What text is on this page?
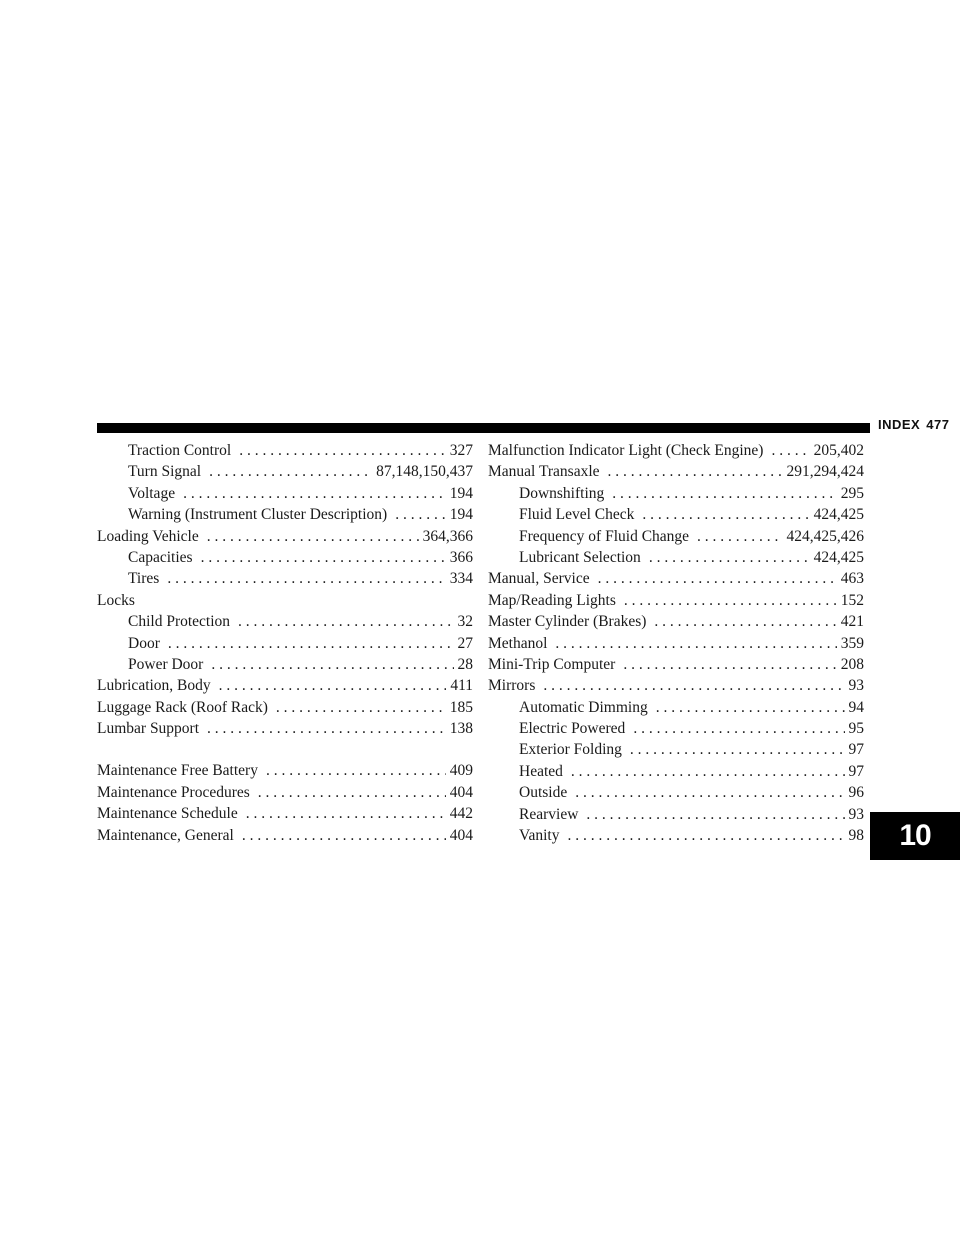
INDEX 477
Traction Control . . .	327
Turn Signal . . .	87,148,150,437
Voltage . . .	194
Warning (Instrument Cluster Description) . . .	194
Loading Vehicle . . .	364,366
Capacities . . .	366
Tires . . .	334
Locks
Child Protection . . .	32
Door . . .	27
Power Door . . .	28
Lubrication, Body . . .	411
Luggage Rack (Roof Rack) . . .	185
Lumbar Support . . .	138
Maintenance Free Battery . . .	409
Maintenance Procedures . . .	404
Maintenance Schedule . . .	442
Maintenance, General . . .	404
Malfunction Indicator Light (Check Engine) . . .	205,402
Manual Transaxle . . .	291,294,424
Downshifting . . .	295
Fluid Level Check . . .	424,425
Frequency of Fluid Change . . .	424,425,426
Lubricant Selection . . .	424,425
Manual, Service . . .	463
Map/Reading Lights . . .	152
Master Cylinder (Brakes) . . .	421
Methanol . . .	359
Mini-Trip Computer . . .	208
Mirrors . . .	93
Automatic Dimming . . .	94
Electric Powered . . .	95
Exterior Folding . . .	97
Heated . . .	97
Outside . . .	96
Rearview . . .	93
Vanity . . .	98	10
